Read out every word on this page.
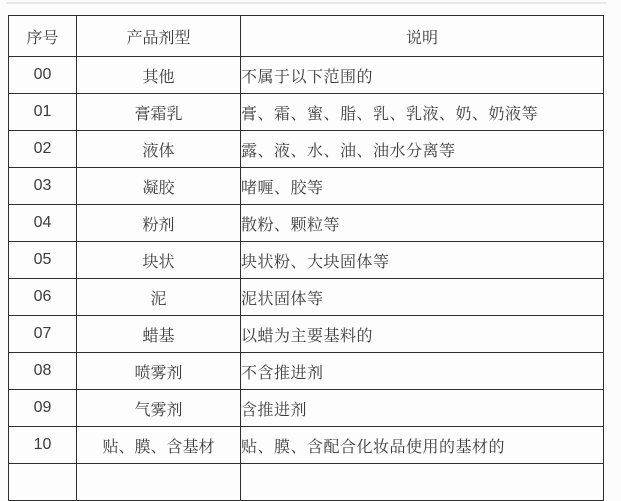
序号	产品剂型	说明
00	其他	不属于以下范围的
01	膏霜乳	膏、霜、蜜、脂、乳、乳液、奶、奶液等
02	液体	露、液、水、油、油水分离等
03	凝胶	啫喱、胶等
04	粉剂	散粉、颗粒等
05	块状	块状粉、大块固体等
06	泥	泥状固体等
07	蜡基	以蜡为主要基料的
08	喷雾剂	不含推进剂
09	气雾剂	含推进剂
10	贴、膜、含基材	贴、膜、含配合化妆品使用的基材的
